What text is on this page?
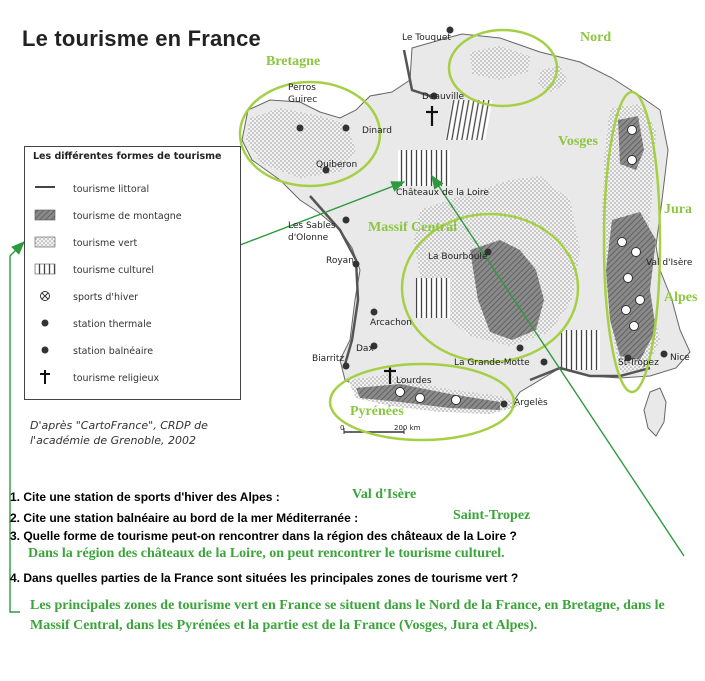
Le tourisme en France	Le Touquet
Perros
Guirec	Deauville
Dinard
Quiberon
Châteaux de la Loire
Les Sables
d'Olonne
Royan	La Bourboule
Val d'Isère
Arcachon
Dax
Biarritz
Lourdes
La Grande-Motte
Argelès
St-Tropez Nice
0	200 km
Bretagne
Nord
Vosges
Massif Central
Jura
Alpes
Pyrénées
Les différentes formes de tourisme
tourisme littoral
tourisme de montagne
tourisme vert
tourisme culturel
sports d'hiver
station thermale
station balnéaire
tourisme religieux
D'après "CartoFrance", CRDP de
l'académie de Grenoble, 2002
1. Cite une station de sports d'hiver des Alpes :	Val d'Isère
2. Cite une station balnéaire au bord de la mer Méditerranée :	Saint-Tropez
3. Quelle forme de tourisme peut-on rencontrer dans la région des châteaux de la Loire ?
Dans la région des châteaux de la Loire, on peut rencontrer le tourisme culturel.
4. Dans quelles parties de la France sont situées les principales zones de tourisme vert ?
Les principales zones de tourisme vert en France se situent dans le Nord de la France, en Bretagne, dans le Massif Central, dans les Pyrénées et la partie est de la France (Vosges, Jura et Alpes).
